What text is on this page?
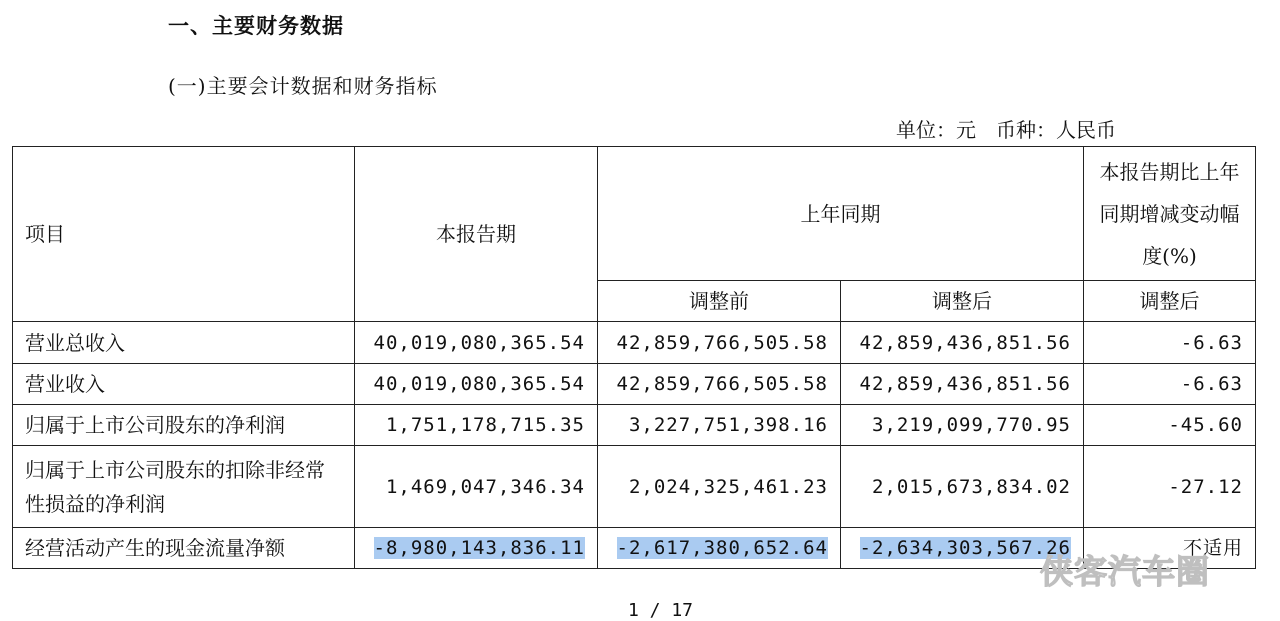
一、主要财务数据
(一)主要会计数据和财务指标
单位：元　币种：人民币
项目	本报告期	上年同期		本报告期比上年同期增减变动幅度(%)
		调整前	调整后	调整后
营业总收入	40,019,080,365.54	42,859,766,505.58	42,859,436,851.56	-6.63
营业收入	40,019,080,365.54	42,859,766,505.58	42,859,436,851.56	-6.63
归属于上市公司股东的净利润	1,751,178,715.35	3,227,751,398.16	3,219,099,770.95	-45.60
归属于上市公司股东的扣除非经常性损益的净利润	1,469,047,346.34	2,024,325,461.23	2,015,673,834.02	-27.12
经营活动产生的现金流量净额	-8,980,143,836.11	-2,617,380,652.64	-2,634,303,567.26	不适用
侠客汽车圈
1 / 17
